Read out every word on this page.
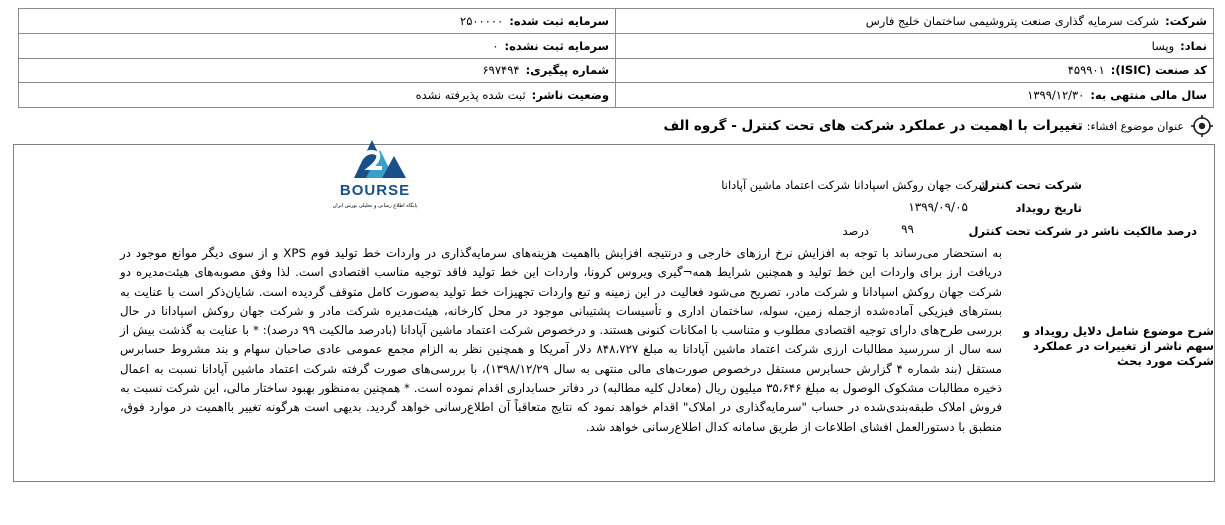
شرکت:
شرکت سرمایه گذاری صنعت پتروشیمی ساختمان خلیج فارس
نماد:
وپسا
کد صنعت (ISIC):
۴۵۹۹۰۱
سال مالی منتهی به:
۱۳۹۹/۱۲/۳۰
سرمایه ثبت شده:
۲۵۰۰۰۰۰
سرمایه ثبت نشده:
۰
شماره پیگیری:
۶۹۷۴۹۴
وضعیت ناشر:
ثبت شده پذیرفته نشده
عنوان موضوع افشاء:
تغییرات با اهمیت در عملکرد شرکت های تحت کنترل - گروه الف
BOURSE
پایگاه اطلاع رسانی و تحلیلی بورس ایران
شرکت تحت کنترل
شرکت جهان روکش اسپادانا شرکت اعتماد ماشین آپادانا
تاریخ رویداد
۱۳۹۹/۰۹/۰۵
درصد مالکیت ناشر در شرکت تحت کنترل
۹۹
درصد
شرح موضوع شامل دلایل رویداد و سهم ناشر از تغییرات در عملکرد شرکت مورد بحث
به استحضار می‌رساند با توجه به افزایش نرخ ارزهای خارجی و درنتیجه افزایش بااهمیت هزینه‌های سرمایه‌گذاری در واردات خط تولید فوم XPS و از سوی دیگر موانع موجود در دریافت ارز برای واردات این خط تولید و همچنین شرایط همه¬گیری ویروس کرونا، واردات این خط تولید فاقد توجیه مناسب اقتصادی است. لذا وفق مصوبه‌های هیئت‌مدیره دو شرکت جهان روکش اسپادانا و شرکت مادر، تصریح می‌شود فعالیت در این زمینه و تبع واردات تجهیزات خط تولید به‌صورت کامل متوقف گردیده است. شایان‌ذکر است با عنایت به بسترهای فیزیکی آماده‌شده ازجمله زمین، سوله، ساختمان اداری و تأسیسات پشتیبانی موجود در محل کارخانه، هیئت‌مدیره شرکت مادر و شرکت جهان روکش اسپادانا در حال بررسی طرح‌های دارای توجیه اقتصادی مطلوب و متناسب با امکانات کنونی هستند. و درخصوص شرکت اعتماد ماشین آپادانا (بادرصد مالکیت ۹۹ درصد): * با عنایت به گذشت بیش از سه سال از سررسید مطالبات ارزی شرکت اعتماد ماشین آپادانا به مبلغ ۸۴۸،۷۲۷ دلار آمریکا و همچنین نظر به الزام مجمع عمومی عادی صاحبان سهام و بند مشروط حسابرس مستقل (بند شماره ۴ گزارش حسابرس مستقل درخصوص صورت‌های مالی منتهی به سال ۱۳۹۸/۱۲/۲۹)، با بررسی‌های صورت گرفته شرکت اعتماد ماشین آپادانا نسبت به اعمال ذخیره مطالبات مشکوک الوصول به مبلغ ۳۵،۶۴۶ میلیون ریال (معادل کلیه مطالبه) در دفاتر حسابداری اقدام نموده است. * همچنین به‌منظور بهبود ساختار مالی، این شرکت نسبت به فروش املاک طبقه‌بندی‌شده در حساب "سرمایه‌گذاری در املاک" اقدام خواهد نمود که نتایج متعاقباً آن اطلاع‌رسانی خواهد گردید. بدیهی است هرگونه تغییر بااهمیت در موارد فوق، منطبق با دستورالعمل افشای اطلاعات از طریق سامانه کدال اطلاع‌رسانی خواهد شد.
